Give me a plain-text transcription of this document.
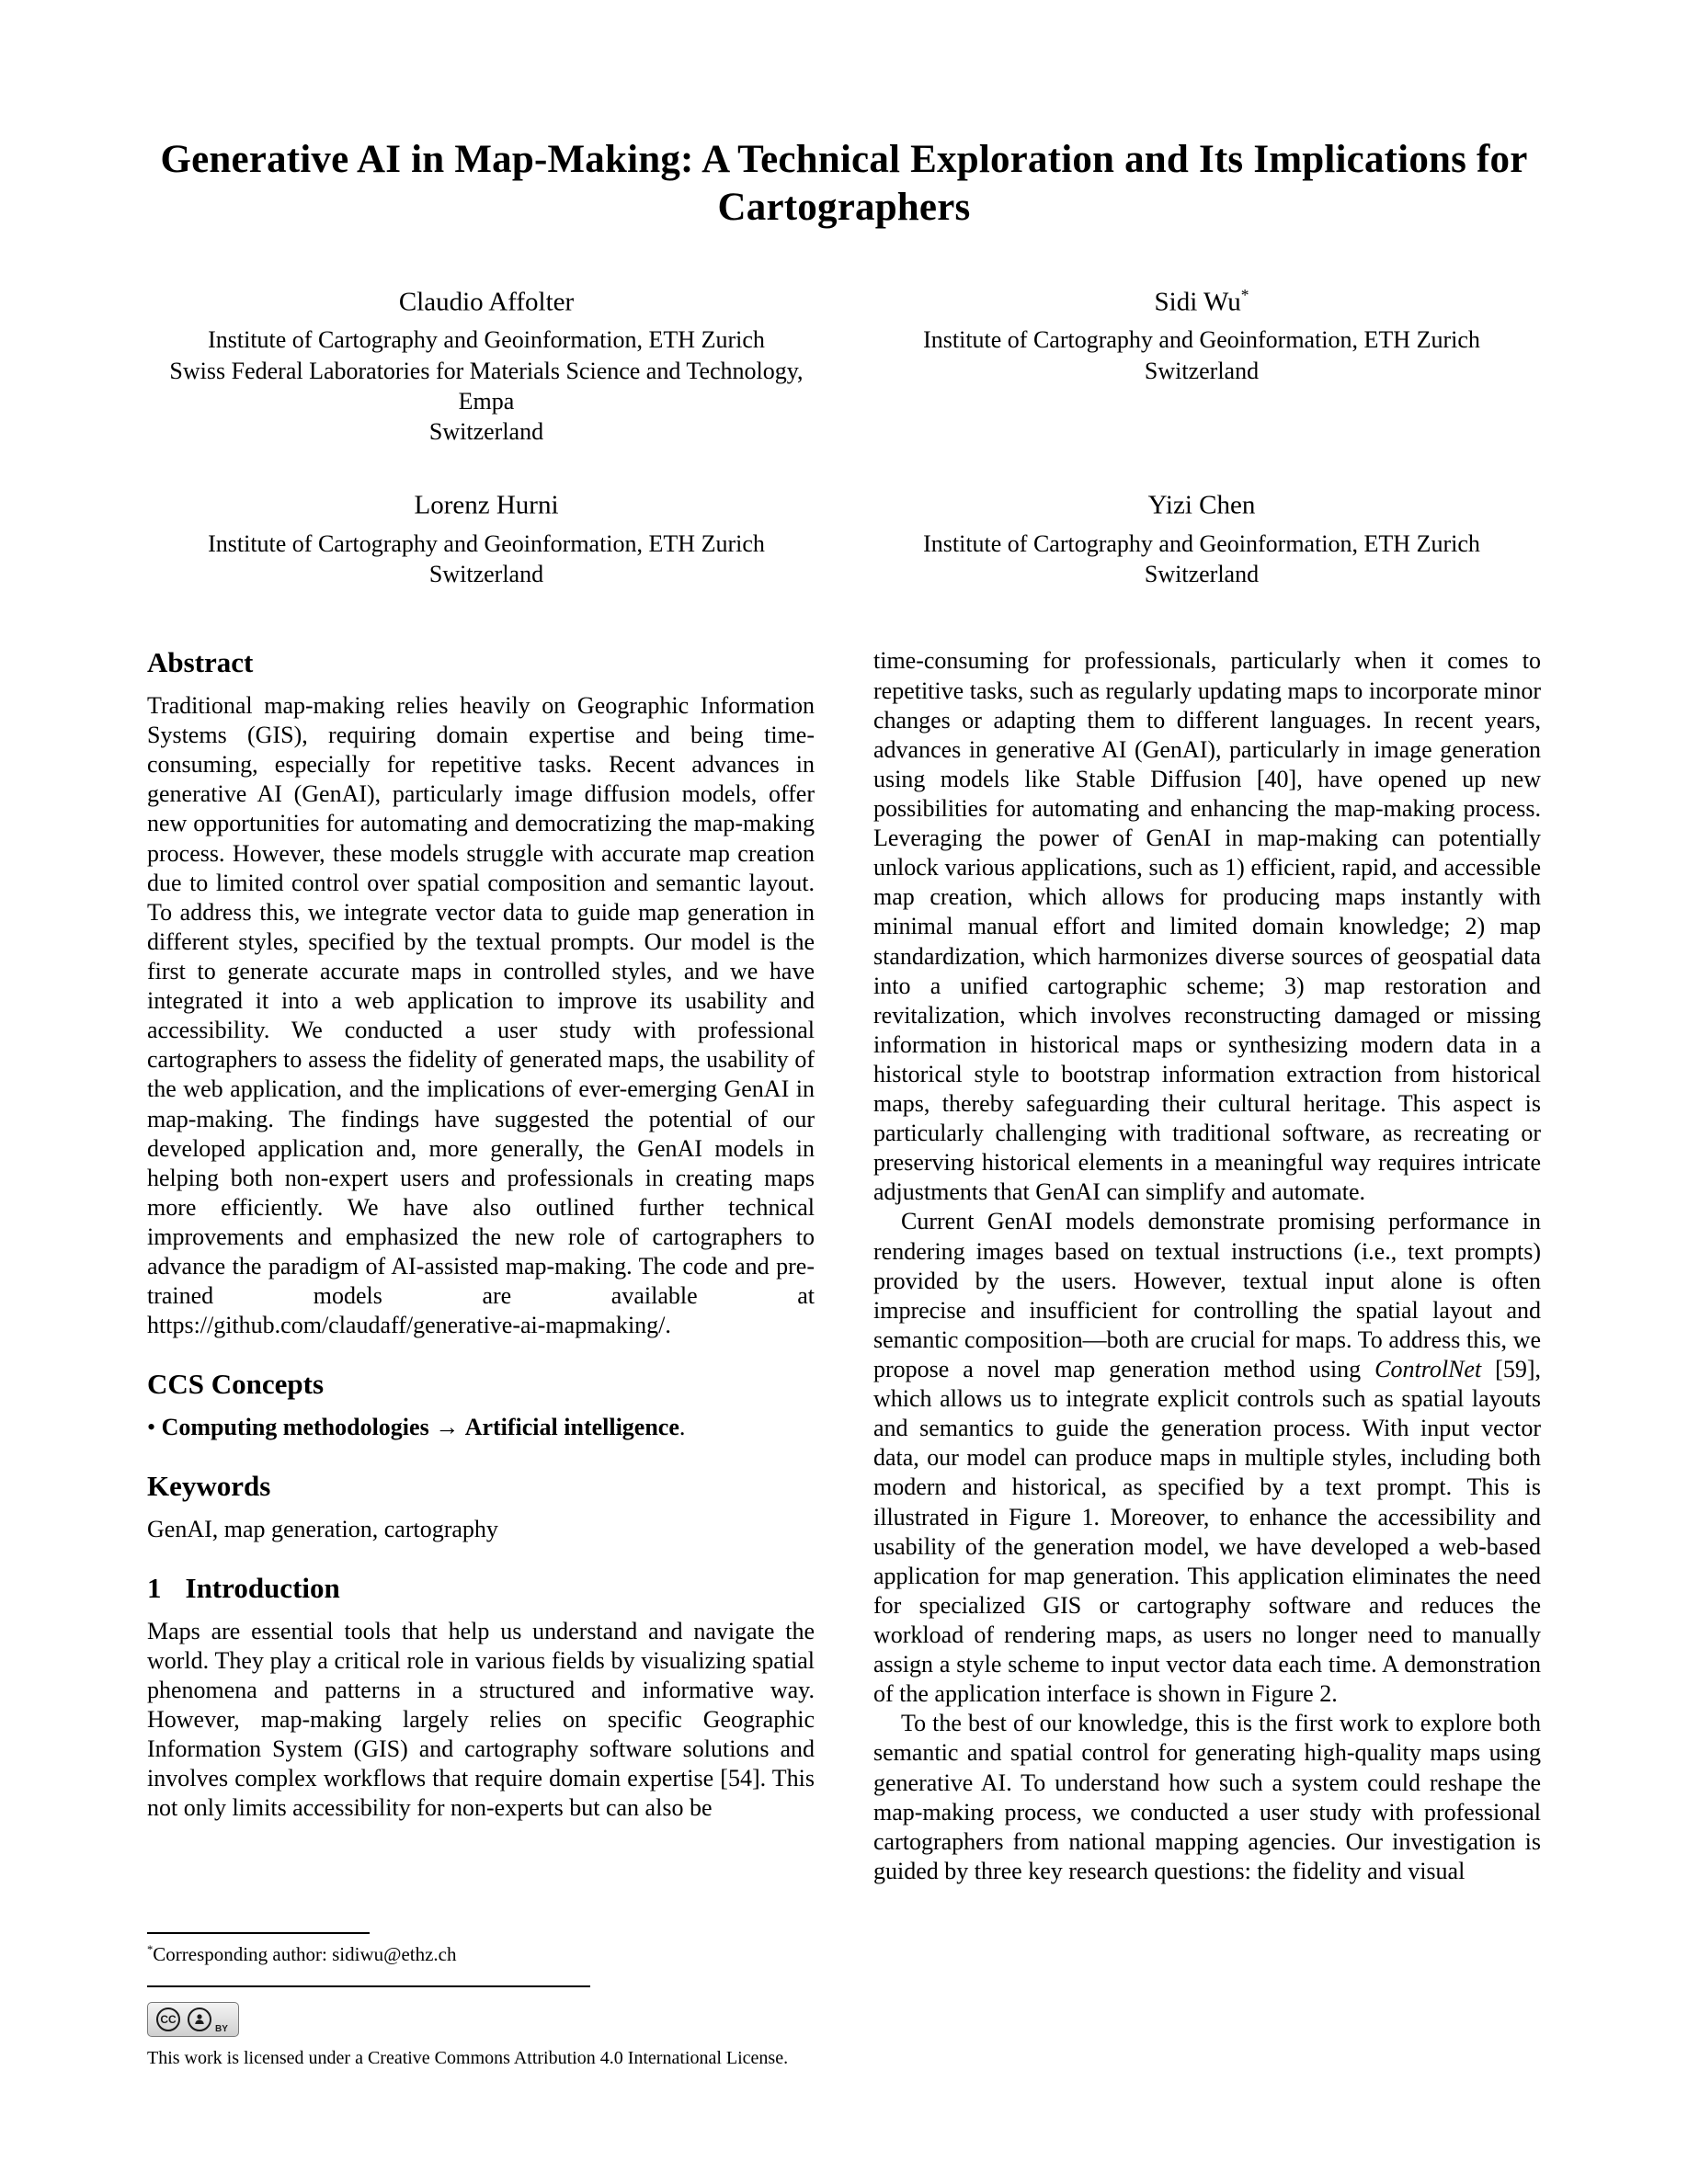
Generative AI in Map-Making: A Technical Exploration and Its Implications for Cartographers
Claudio Affolter
Institute of Cartography and Geoinformation, ETH Zurich
Swiss Federal Laboratories for Materials Science and Technology, Empa
Switzerland
Sidi Wu*
Institute of Cartography and Geoinformation, ETH Zurich
Switzerland
Lorenz Hurni
Institute of Cartography and Geoinformation, ETH Zurich
Switzerland
Yizi Chen
Institute of Cartography and Geoinformation, ETH Zurich
Switzerland
Abstract

Traditional map-making relies heavily on Geographic Information Systems (GIS), requiring domain expertise and being time-consuming, especially for repetitive tasks. Recent advances in generative AI (GenAI), particularly image diffusion models, offer new opportunities for automating and democratizing the map-making process. However, these models struggle with accurate map creation due to limited control over spatial composition and semantic layout. To address this, we integrate vector data to guide map generation in different styles, specified by the textual prompts. Our model is the first to generate accurate maps in controlled styles, and we have integrated it into a web application to improve its usability and accessibility. We conducted a user study with professional cartographers to assess the fidelity of generated maps, the usability of the web application, and the implications of ever-emerging GenAI in map-making. The findings have suggested the potential of our developed application and, more generally, the GenAI models in helping both non-expert users and professionals in creating maps more efficiently. We have also outlined further technical improvements and emphasized the new role of cartographers to advance the paradigm of AI-assisted map-making. The code and pre-trained models are available at https://github.com/claudaff/generative-ai-mapmaking/.

CCS Concepts

• Computing methodologies → Artificial intelligence.

Keywords

GenAI, map generation, cartography

1 Introduction

Maps are essential tools that help us understand and navigate the world. They play a critical role in various fields by visualizing spatial phenomena and patterns in a structured and informative way. However, map-making largely relies on specific Geographic Information System (GIS) and cartography software solutions and involves complex workflows that require domain expertise [54]. This not only limits accessibility for non-experts but can also be

*Corresponding author: sidiwu@ethz.ch
CC
BY
This work is licensed under a Creative Commons Attribution 4.0 International License.

time-consuming for professionals, particularly when it comes to repetitive tasks, such as regularly updating maps to incorporate minor changes or adapting them to different languages. In recent years, advances in generative AI (GenAI), particularly in image generation using models like Stable Diffusion [40], have opened up new possibilities for automating and enhancing the map-making process. Leveraging the power of GenAI in map-making can potentially unlock various applications, such as 1) efficient, rapid, and accessible map creation, which allows for producing maps instantly with minimal manual effort and limited domain knowledge; 2) map standardization, which harmonizes diverse sources of geospatial data into a unified cartographic scheme; 3) map restoration and revitalization, which involves reconstructing damaged or missing information in historical maps or synthesizing modern data in a historical style to bootstrap information extraction from historical maps, thereby safeguarding their cultural heritage. This aspect is particularly challenging with traditional software, as recreating or preserving historical elements in a meaningful way requires intricate adjustments that GenAI can simplify and automate.

Current GenAI models demonstrate promising performance in rendering images based on textual instructions (i.e., text prompts) provided by the users. However, textual input alone is often imprecise and insufficient for controlling the spatial layout and semantic composition—both are crucial for maps. To address this, we propose a novel map generation method using ControlNet [59], which allows us to integrate explicit controls such as spatial layouts and semantics to guide the generation process. With input vector data, our model can produce maps in multiple styles, including both modern and historical, as specified by a text prompt. This is illustrated in Figure 1. Moreover, to enhance the accessibility and usability of the generation model, we have developed a web-based application for map generation. This application eliminates the need for specialized GIS or cartography software and reduces the workload of rendering maps, as users no longer need to manually assign a style scheme to input vector data each time. A demonstration of the application interface is shown in Figure 2.

To the best of our knowledge, this is the first work to explore both semantic and spatial control for generating high-quality maps using generative AI. To understand how such a system could reshape the map-making process, we conducted a user study with professional cartographers from national mapping agencies. Our investigation is guided by three key research questions: the fidelity and visual
